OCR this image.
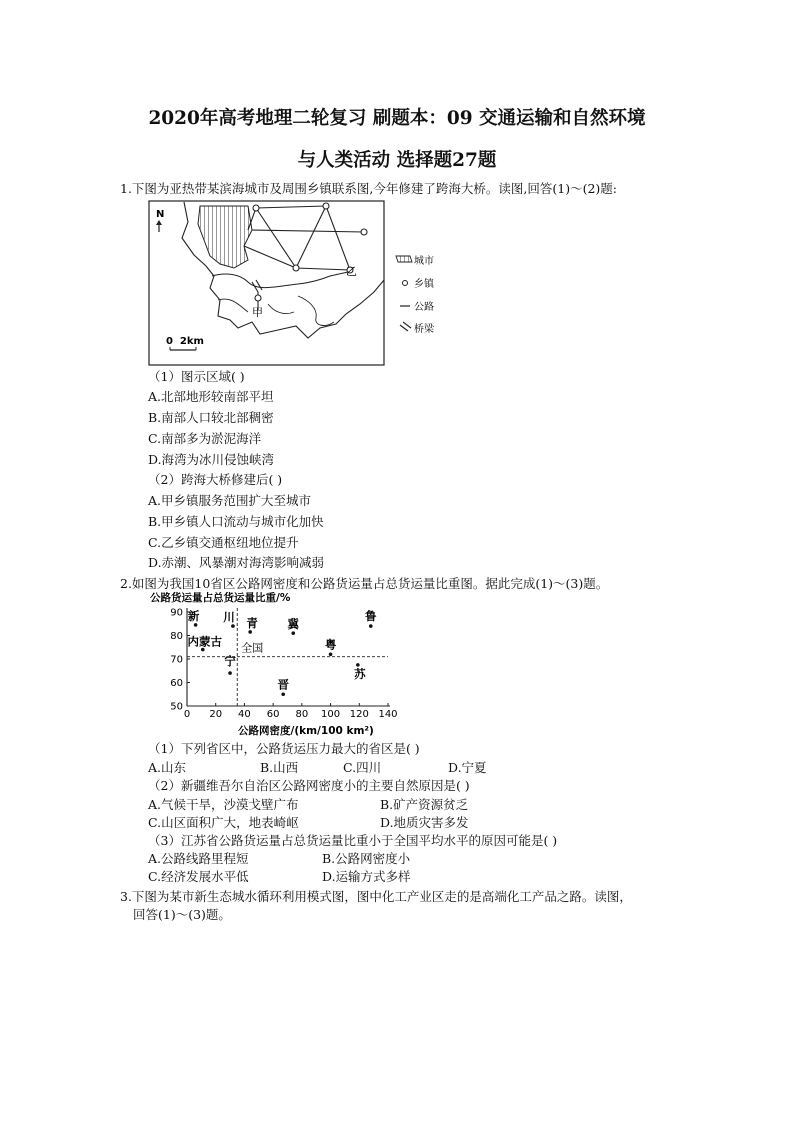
2020年高考地理二轮复习 刷题本：09 交通运输和自然环境
与人类活动 选择题27题
1.下图为亚热带某滨海城市及周围乡镇联系图,今年修建了跨海大桥。读图,回答(1)～(2)题:
N
甲
乙
0  2km
城市
乡镇
公路
桥梁
（1）图示区域( )
A.北部地形较南部平坦
B.南部人口较北部稠密
C.南部多为淤泥海洋
D.海湾为冰川侵蚀峡湾
（2）跨海大桥修建后( )
A.甲乡镇服务范围扩大至城市
B.甲乡镇人口流动与城市化加快
C.乙乡镇交通枢纽地位提升
D.赤潮、风暴潮对海湾影响减弱
2.如图为我国10省区公路网密度和公路货运量占总货运量比重图。据此完成(1)～(3)题。
公路货运量占总货运量比重/%
公路网密度/(km/100 km²)
0 20 40 60 80 100 120 140
50
60
70
80
90
全国
新 川
内蒙古
青	冀
鲁
粤
宁
苏
晋
（1）下列省区中，公路货运压力最大的省区是( )
A.山东	B.山西	C.四川	D.宁夏
（2）新疆维吾尔自治区公路网密度小的主要自然原因是( )
A.气候干旱，沙漠戈壁广布	B.矿产资源贫乏
C.山区面积广大，地表崎岖	D.地质灾害多发
（3）江苏省公路货运量占总货运量比重小于全国平均水平的原因可能是( )
A.公路线路里程短	B.公路网密度小
C.经济发展水平低	D.运输方式多样
3.下图为某市新生态城水循环利用模式图，图中化工产业区走的是高端化工产品之路。读图，
回答(1)～(3)题。
